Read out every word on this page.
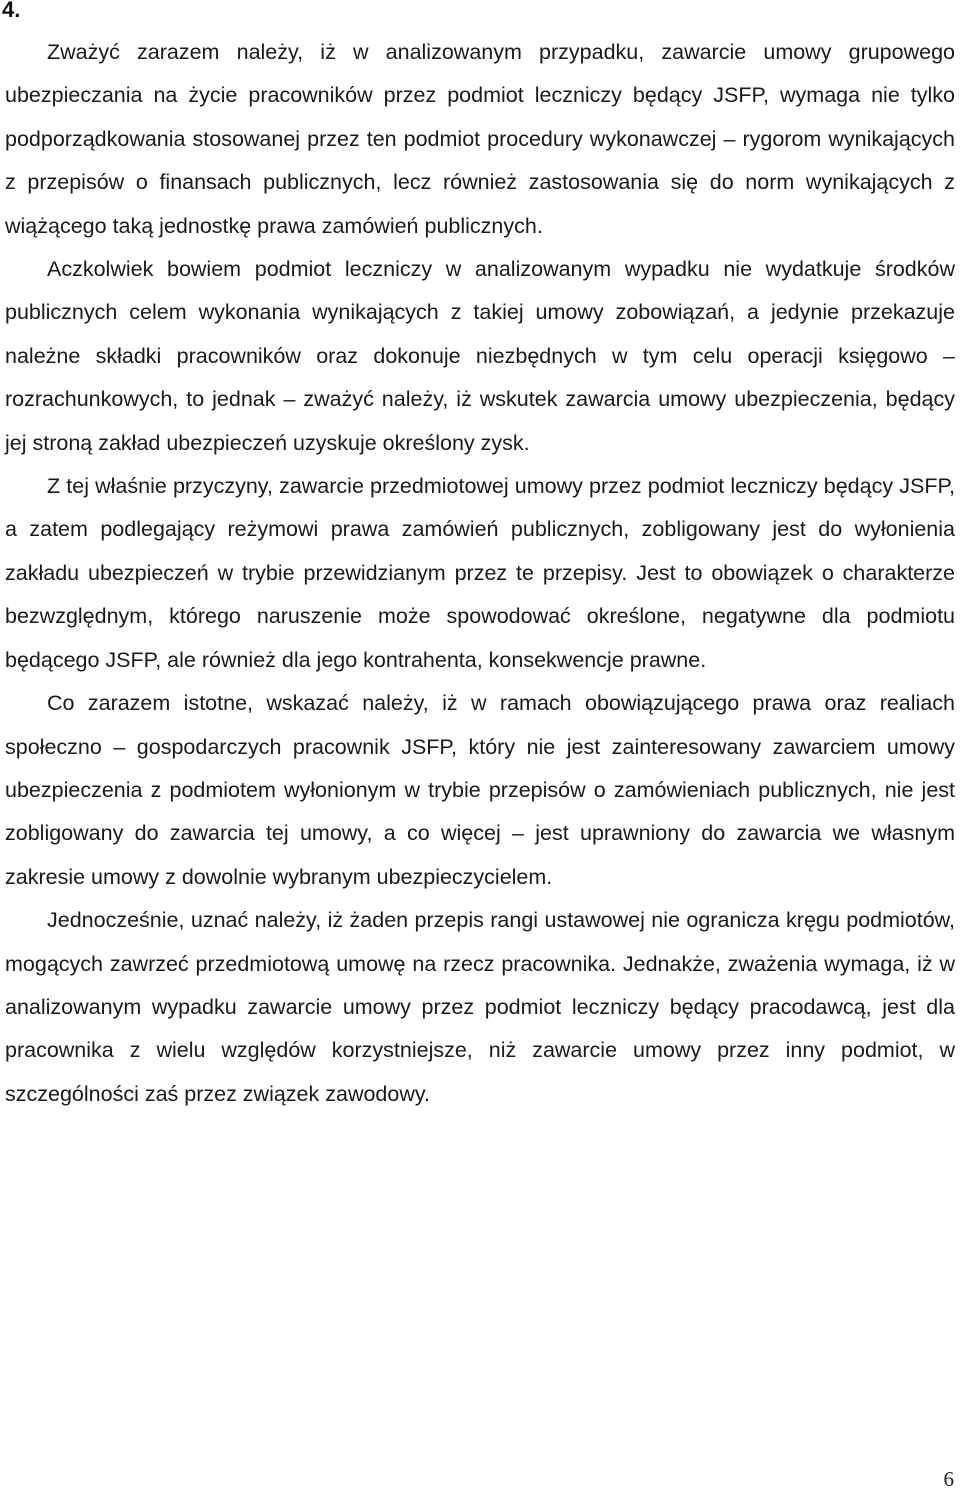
4.

Zważyć zarazem należy, iż w analizowanym przypadku, zawarcie umowy grupowego ubezpieczania na życie pracowników przez podmiot leczniczy będący JSFP, wymaga nie tylko podporządkowania stosowanej przez ten podmiot procedury wykonawczej – rygorom wynikających z przepisów o finansach publicznych, lecz również zastosowania się do norm wynikających z wiążącego taką jednostkę prawa zamówień publicznych.

Aczkolwiek bowiem podmiot leczniczy w analizowanym wypadku nie wydatkuje środków publicznych celem wykonania wynikających z takiej umowy zobowiązań, a jedynie przekazuje należne składki pracowników oraz dokonuje niezbędnych w tym celu operacji księgowo – rozrachunkowych, to jednak – zważyć należy, iż wskutek zawarcia umowy ubezpieczenia, będący jej stroną zakład ubezpieczeń uzyskuje określony zysk.

Z tej właśnie przyczyny, zawarcie przedmiotowej umowy przez podmiot leczniczy będący JSFP, a zatem podlegający reżymowi prawa zamówień publicznych, zobligowany jest do wyłonienia zakładu ubezpieczeń w trybie przewidzianym przez te przepisy. Jest to obowiązek o charakterze bezwzględnym, którego naruszenie może spowodować określone, negatywne dla podmiotu będącego JSFP, ale również dla jego kontrahenta, konsekwencje prawne.

Co zarazem istotne, wskazać należy, iż w ramach obowiązującego prawa oraz realiach społeczno – gospodarczych pracownik JSFP, który nie jest zainteresowany zawarciem umowy ubezpieczenia z podmiotem wyłonionym w trybie przepisów o zamówieniach publicznych, nie jest zobligowany do zawarcia tej umowy, a co więcej – jest uprawniony do zawarcia we własnym zakresie umowy z dowolnie wybranym ubezpieczycielem.

Jednocześnie, uznać należy, iż żaden przepis rangi ustawowej nie ogranicza kręgu podmiotów, mogących zawrzeć przedmiotową umowę na rzecz pracownika. Jednakże, zważenia wymaga, iż w analizowanym wypadku zawarcie umowy przez podmiot leczniczy będący pracodawcą, jest dla pracownika z wielu względów korzystniejsze, niż zawarcie umowy przez inny podmiot, w szczególności zaś przez związek zawodowy.

6
